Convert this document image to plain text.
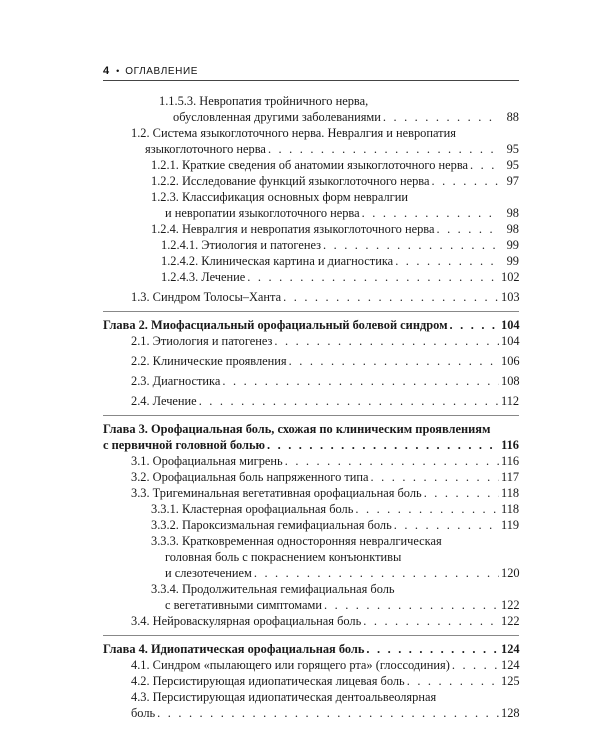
4 • ОГЛАВЛЕНИЕ
1.1.5.3. Невропатия тройничного нерва,
обусловленная другими заболеваниями . . .	88
1.2. Система языкоглоточного нерва. Невралгия и невропатия
языкоглоточного нерва . . .	95
1.2.1. Краткие сведения об анатомии языкоглоточного нерва . . .	95
1.2.2. Исследование функций языкоглоточного нерва . . .	97
1.2.3. Классификация основных форм невралгии
и невропатии языкоглоточного нерва . . .	98
1.2.4. Невралгия и невропатия языкоглоточного нерва . . .	98
1.2.4.1. Этиология и патогенез . . .	99
1.2.4.2. Клиническая картина и диагностика . . .	99
1.2.4.3. Лечение . . .	102
1.3. Синдром Толосы–Ханта . . .	103
Глава 2. Миофасциальный орофациальный болевой синдром . . .	104
2.1. Этиология и патогенез . . .	104
2.2. Клинические проявления . . .	106
2.3. Диагностика . . .	108
2.4. Лечение . . .	112
Глава 3. Орофациальная боль, схожая по клиническим проявлениям
с первичной головной болью . . .	116
3.1. Орофациальная мигрень . . .	116
3.2. Орофациальная боль напряженного типа . . .	117
3.3. Тригеминальная вегетативная орофациальная боль . . .	118
3.3.1. Кластерная орофациальная боль . . .	118
3.3.2. Пароксизмальная гемифациальная боль . . .	119
3.3.3. Кратковременная односторонняя невралгическая
головная боль с покраснением конъюнктивы
и слезотечением . . .	120
3.3.4. Продолжительная гемифациальная боль
с вегетативными симптомами . . .	122
3.4. Нейроваскулярная орофациальная боль . . .	122
Глава 4. Идиопатическая орофациальная боль . . .	124
4.1. Синдром «пылающего или горящего рта» (глоссодиния) . . .	124
4.2. Персистирующая идиопатическая лицевая боль . . .	125
4.3. Персистирующая идиопатическая дентоальвеолярная
боль . . .	128
